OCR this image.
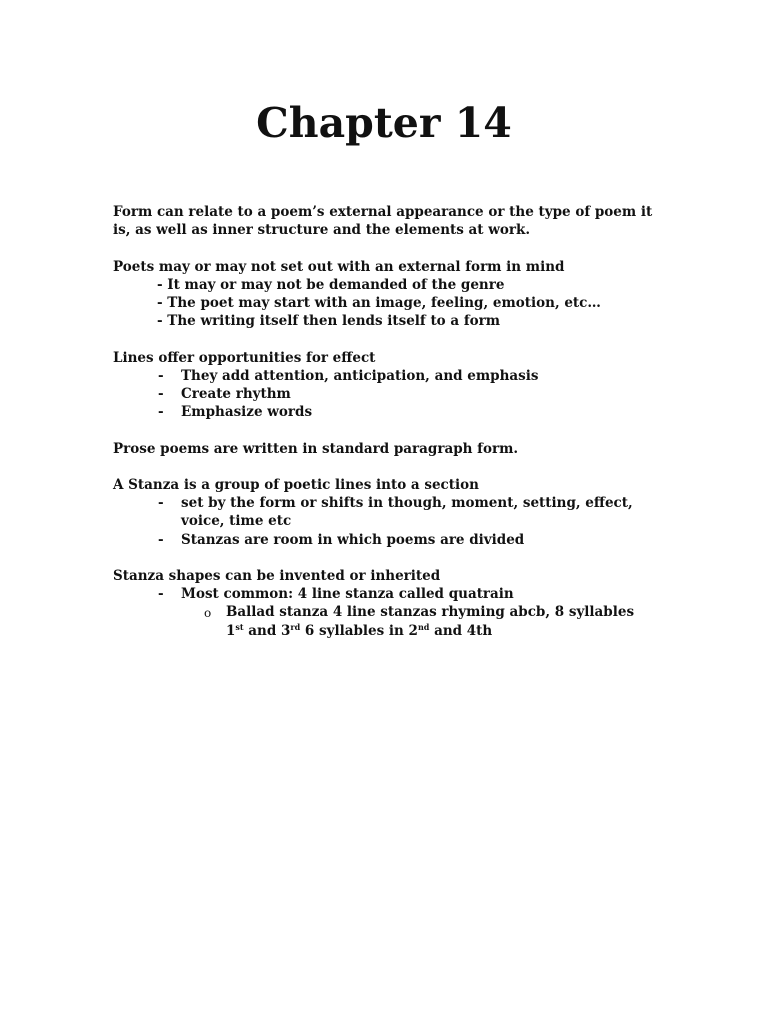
Chapter 14

Form can relate to a poem’s external appearance or the type of poem it is, as well as inner structure and the elements at work.

Poets may or may not set out with an external form in mind

- It may or may not be demanded of the genre

- The poet may start with an image, feeling, emotion, etc…

- The writing itself then lends itself to a form

Lines offer opportunities for effect

- They add attention, anticipation, and emphasis

- Create rhythm

- Emphasize words

Prose poems are written in standard paragraph form.

A Stanza is a group of poetic lines into a section

- set by the form or shifts in though, moment, setting, effect, voice, time etc

- Stanzas are room in which poems are divided

Stanza shapes can be invented or inherited

- Most common: 4 line stanza called quatrain

o Ballad stanza 4 line stanzas rhyming abcb, 8 syllables 1st and 3rd 6 syllables in 2nd and 4th
